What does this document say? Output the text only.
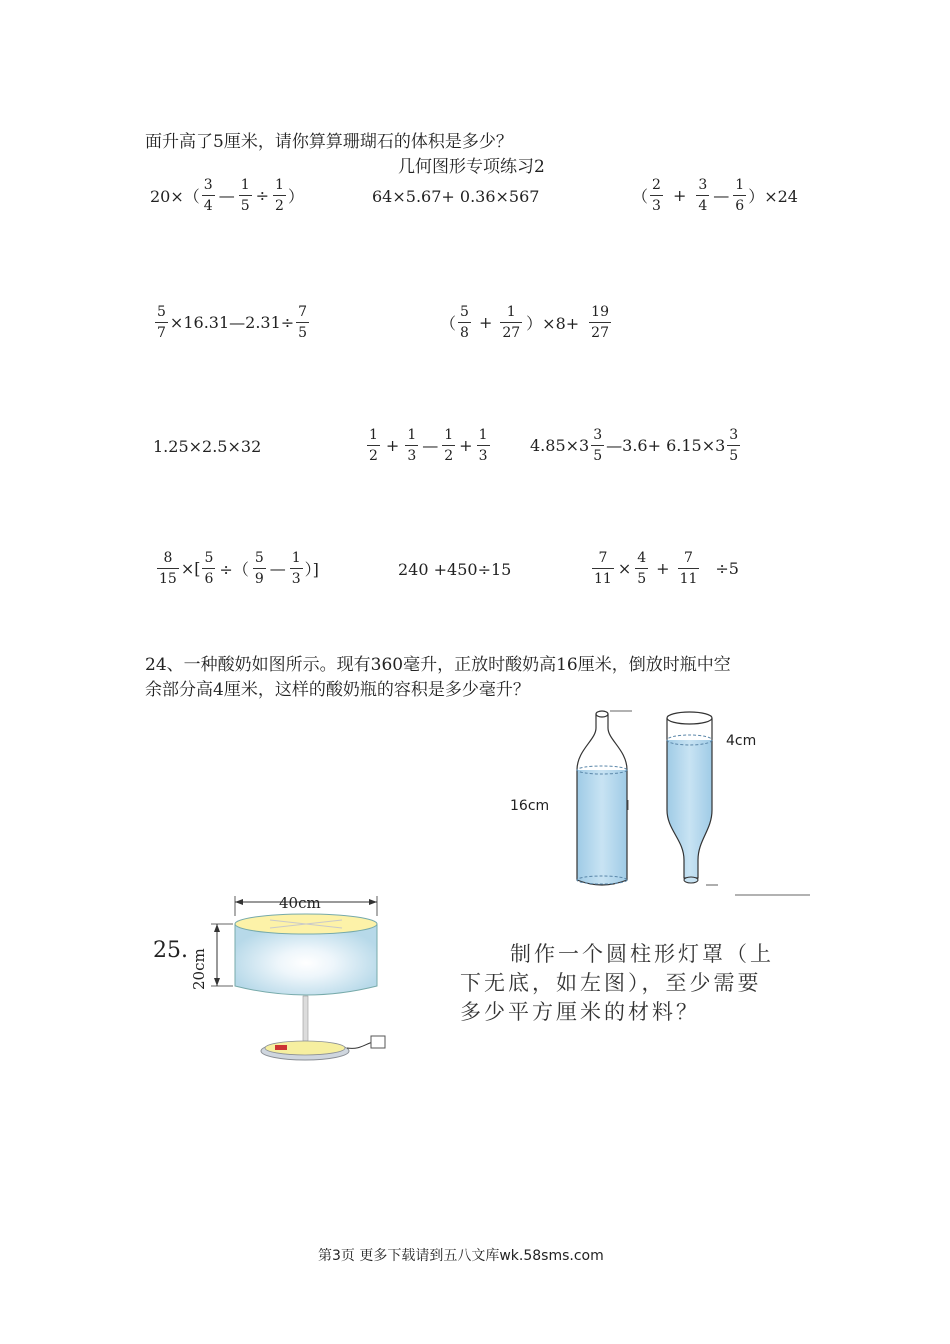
面升高了5厘米，请你算算珊瑚石的体积是多少？
几何图形专项练习2
$20\times( \frac{3}{4}$ — $\frac{1}{5} \div \frac{1}{2}$ ）	64×5.67+ 0.36×567	（ $\frac{2}{3} + \frac{3}{4}$ — $\frac{1}{6} )\times 24$
$\frac{5}{7}$ ×16.31—2.31÷ $\frac{7}{5}$	（ $\frac{5}{8} + \frac{1}{27} )\times 8+ \frac{19}{27}$
1.25×2.5×32	$\frac{1}{2} + \frac{1}{3}$ — $\frac{1}{2} + \frac{1}{3}$	$4.85\times 3 \frac{3}{5}$ —3.6+ $6.15\times 3 \frac{3}{5}$
$\frac{8}{15}$ ×[ $\frac{5}{6}$ ÷（ $\frac{5}{9}$ — $\frac{1}{3}$ ）]	240 +450÷15	$\frac{7}{11} \times \frac{4}{5} + \frac{7}{11} \div 5$
24、一种酸奶如图所示。现有360毫升，正放时酸奶高16厘米，倒放时瓶中空
余部分高4厘米，这样的酸奶瓶的容积是多少毫升？
16cm
4cm
25.
40cm
20cm	制作一个圆柱形灯罩（上
下无底，如左图），至少需要
多少平方厘米的材料？
第3页 更多下载请到五八文库wk.58sms.com
